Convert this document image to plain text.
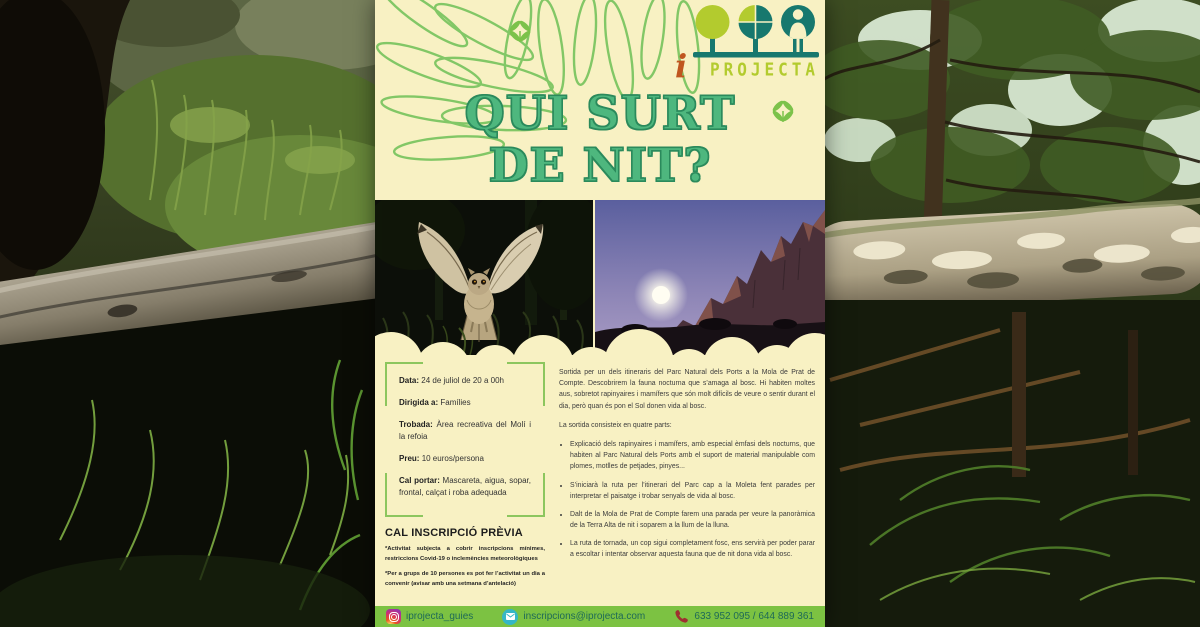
i PROJECTA
QUI SURT
DE NIT?

Data: 24 de juliol de 20 a 00h

Dirigida a: Famílies

Trobada: Àrea recreativa del Molí i la refoia

Preu: 10 euros/persona

Cal portar: Mascareta, aigua, sopar, frontal, calçat i roba adequada

CAL INSCRIPCIÓ PRÈVIA

*Activitat subjecta a cobrir inscripcions mínimes, restriccions Covid-19 o inclemències meteorològiques

*Per a grups de 10 persones es pot fer l’activitat un dia a convenir (avisar amb una setmana d’antelació)

Sortida per un dels itineraris del Parc Natural dels Ports a la Mola de Prat de Compte. Descobrirem la fauna nocturna que s’amaga al bosc. Hi habiten moltes aus, sobretot rapinyaires i mamífers que són molt difícils de veure o sentir durant el dia, però quan és pon el Sol donen vida al bosc.

La sortida consisteix en quatre parts:

• Explicació dels rapinyaires i mamífers, amb especial èmfasi dels nocturns, que habiten al Parc Natural dels Ports amb el suport de material manipulable com plomes, motlles de petjades, pinyes...
• S’iniciarà la ruta per l’itinerari del Parc cap a la Moleta fent parades per interpretar el paisatge i trobar senyals de vida al bosc.
• Dalt de la Mola de Prat de Compte farem una parada per veure la panoràmica de la Terra Alta de nit i soparem a la llum de la lluna.
• La ruta de tornada, un cop sigui completament fosc, ens servirà per poder parar a escoltar i intentar observar aquesta fauna que de nit dona vida al bosc.
iprojecta_guies	inscripcions@iprojecta.com	633 952 095 / 644 889 361
